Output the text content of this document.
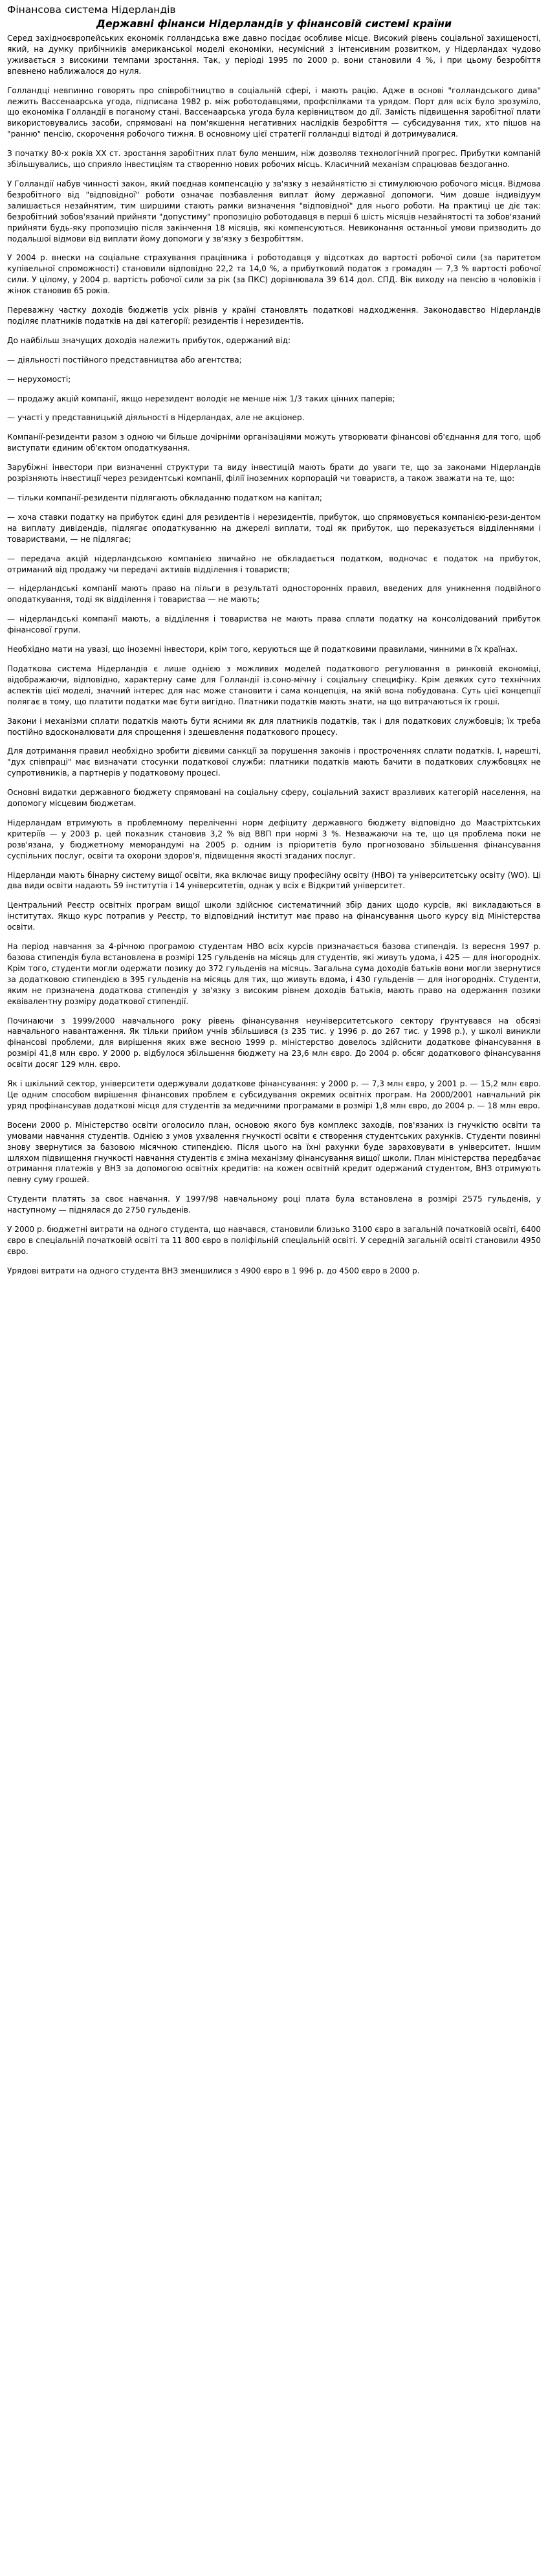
Фінансова система Нідерландів
Державні фінанси Нідерландів у фінансовій системі країни

Серед західноєвропейських економік голландська вже давно посідає особливе місце. Високий рівень соціальної захищеності, який, на думку прибічників американської моделі економіки, несумісний з інтенсивним розвитком, у Нідерландах чудово уживається з високими темпами зростання. Так, у періоді 1995 по 2000 р. вони становили 4 %, і при цьому безробіття впевнено наближалося до нуля.

Голландці невпинно говорять про співробітництво в соціальній сфері, і мають рацію. Адже в основі "голландського дива" лежить Вассенаарська угода, підписана 1982 р. між роботодавцями, профспілками та урядом. Порт для всіх було зрозуміло, що економіка Голландії в поганому стані. Вассенаарська угода була керівництвом до дії. Замість підвищення заробітної плати використовувались засоби, спрямовані на пом'якшення негативних наслідків безробіття — субсидування тих, хто пішов на "ранню" пенсію, скорочення робочого тижня. В основному цієї стратегії голландці відтоді й дотримувалися.

З початку 80-х років XX ст. зростання заробітних плат було меншим, ніж дозволяв технологічний прогрес. Прибутки компаній збільшувались, що сприяло інвестиціям та створенню нових робочих місць. Класичний механізм спрацював бездоганно.

У Голландії набув чинності закон, який поєднав компенсацію у зв'язку з незайнятістю зі стимулюючою робочого місця. Відмова безробітного від "відповідної" роботи означає позбавлення виплат йому державної допомоги. Чим довше індивідуум залишається незайнятим, тим ширшими стають рамки визначення "відповідної" для нього роботи. На практиці це діє так: безробітний зобов'язаний прийняти "допустиму" пропозицію роботодавця в перші 6 шість місяців незайнятості та зобов'язаний прийняти будь-яку пропозицію після закінчення 18 місяців, які компенсуються. Невиконання останньої умови призводить до подальшої відмови від виплати йому допомоги у зв'язку з безробіттям.

У 2004 р. внески на соціальне страхування працівника і роботодавця у відсотках до вартості робочої сили (за паритетом купівельної спроможності) становили відповідно 22,2 та 14,0 %, а прибутковий податок з громадян — 7,3 % вартості робочої сили. У цілому, у 2004 р. вартість робочої сили за рік (за ПКС) дорівнювала 39 614 дол. СПД. Вік виходу на пенсію в чоловіків і жінок становив 65 років.

Переважну частку доходів бюджетів усіх рівнів у країні становлять податкові надходження. Законодавство Нідерландів поділяє платників податків на дві категорії: резидентів і нерезидентів.

До найбільш значущих доходів належить прибуток, одержаний від:

— діяльності постійного представництва або агентства;

— нерухомості;

— продажу акцій компанії, якщо нерезидент володіє не менше ніж 1/3 таких цінних паперів;

— участі у представницькій діяльності в Нідерландах, але не акціонер.

Компанії-резиденти разом з одною чи більше дочірніми організаціями можуть утворювати фінансові об'єднання для того, щоб виступати єдиним об'єктом оподаткування.

Зарубіжні інвестори при визначенні структури та виду інвестицій мають брати до уваги те, що за законами Нідерландів розрізняють інвестиції через резидентські компанії, філії іноземних корпорацій чи товариств, а також зважати на те, що:

— тільки компанії-резиденти підлягають обкладанню податком на капітал;

— хоча ставки податку на прибуток єдині для резидентів і нерезидентів, прибуток, що спрямовується компанією-рези-дентом на виплату дивідендів, підлягає оподаткуванню на джерелі виплати, тоді як прибуток, що переказується відділеннями і товариствами, — не підлягає;

— передача акцій нідерландською компанією звичайно не обкладається податком, водночас є податок на прибуток, отриманий від продажу чи передачі активів відділення і товариств;

— нідерландські компанії мають право на пільги в результаті односторонніх правил, введених для уникнення подвійного оподаткування, тоді як відділення і товариства — не мають;

— нідерландські компанії мають, а відділення і товариства не мають права сплати податку на консолідований прибуток фінансової групи.

Необхідно мати на увазі, що іноземні інвестори, крім того, керуються ще й податковими правилами, чинними в їх країнах.

Податкова система Нідерландів є лише однією з можливих моделей податкового регулювання в ринковій економіці, відображаючи, відповідно, характерну саме для Голландії із.соно-мічну і соціальну специфіку. Крім деяких суто технічних аспектів цієї моделі, значний інтерес для нас може становити і сама концепція, на якій вона побудована. Суть цієї концепції полягає в тому, що платити податки має бути вигідно. Платники податків мають знати, на що витрачаються їх гроші.

Закони і механізми сплати податків мають бути ясними як для платників податків, так і для податкових службовців; їх треба постійно вдосконалювати для спрощення і здешевлення податкового процесу.

Для дотримання правил необхідно зробити дієвими санкції за порушення законів і простроченнях сплати податків. І, нарешті, "дух співпраці" має визначати стосунки податкової служби: платники податків мають бачити в податкових службовцях не супротивників, а партнерів у податковому процесі.

Основні видатки державного бюджету спрямовані на соціальну сферу, соціальний захист вразливих категорій населення, на допомогу місцевим бюджетам.

Нідерландам втримують в проблемному переліченні норм дефіциту державного бюджету відповідно до Маастріхтських критеріїв — у 2003 р. цей показник становив 3,2 % від ВВП при нормі 3 %. Незважаючи на те, що ця проблема поки не розв'язана, у бюджетному меморандумі на 2005 р. одним із пріоритетів було прогнозовано збільшення фінансування суспільних послуг, освіти та охорони здоров'я, підвищення якості згаданих послуг.

Нідерланди мають бінарну систему вищої освіти, яка включає вищу професійну освіту (НВО) та університетську освіту (WO). Ці два види освіти надають 59 інститутів і 14 університетів, однак у всіх є Відкритий університет.

Центральний Реєстр освітніх програм вищої школи здійснює систематичний збір даних щодо курсів, які викладаються в інститутах. Якщо курс потрапив у Реєстр, то відповідний інститут має право на фінансування цього курсу від Міністерства освіти.

На період навчання за 4-річною програмою студентам НВО всіх курсів призначається базова стипендія. Із вересня 1997 р. базова стипендія була встановлена в розмірі 125 гульденів на місяць для студентів, які живуть удома, і 425 — для іногородніх. Крім того, студенти могли одержати позику до 372 гульденів на місяць. Загальна сума доходів батьків вони могли звернутися за додатковою стипендією в 395 гульденів на місяць для тих, що живуть вдома, і 430 гульденів — для іногородніх. Студенти, яким не призначена додаткова стипендія у зв'язку з високим рівнем доходів батьків, мають право на одержання позики еквівалентну розміру додаткової стипендії.

Починаючи з 1999/2000 навчального року рівень фінансування неуніверситетського сектору ґрунтувався на обсязі навчального навантаження. Як тільки прийом учнів збільшився (з 235 тис. у 1996 р. до 267 тис. у 1998 р.), у школі виникли фінансові проблеми, для вирішення яких вже весною 1999 р. міністерство довелось здійснити додаткове фінансування в розмірі 41,8 млн євро. У 2000 р. відбулося збільшення бюджету на 23,6 млн євро. До 2004 р. обсяг додаткового фінансування освіти досяг 129 млн. євро.

Як і шкільний сектор, університети одержували додаткове фінансування: у 2000 р. — 7,3 млн євро, у 2001 р. — 15,2 млн євро. Це одним способом вирішення фінансових проблем є субсидування окремих освітніх програм. На 2000/2001 навчальний рік уряд профінансував додаткові місця для студентів за медичними програмами в розмірі 1,8 млн євро, до 2004 р. — 18 млн евро.

Восени 2000 р. Міністерство освіти оголосило план, основою якого був комплекс заходів, пов'язаних із гнучкістю освіти та умовами навчання студентів. Однією з умов ухвалення гнучкості освіти є створення студентських рахунків. Студенти повинні знову звернутися за базовою місячною стипендією. Після цього на їхні рахунки буде зараховувати в університет. Іншим шляхом підвищення гнучкості навчання студентів є зміна механізму фінансування вищої школи. План міністерства передбачає отримання платежів у ВНЗ за допомогою освітніх кредитів: на кожен освітній кредит одержаний студентом, ВНЗ отримують певну суму грошей.

Студенти платять за своє навчання. У 1997/98 навчальному році плата була встановлена в розмірі 2575 гульденів, у наступному — піднялася до 2750 гульденів.

У 2000 р. бюджетні витрати на одного студента, що навчався, становили близько 3100 євро в загальній початковій освіті, 6400 євро в спеціальній початковій освіті та 11 800 євро в поліфільній спеціальній освіті. У середній загальній освіті становили 4950 євро.

Урядові витрати на одного студента ВНЗ зменшилися з 4900 євро в 1 996 р. до 4500 євро в 2000 р.
